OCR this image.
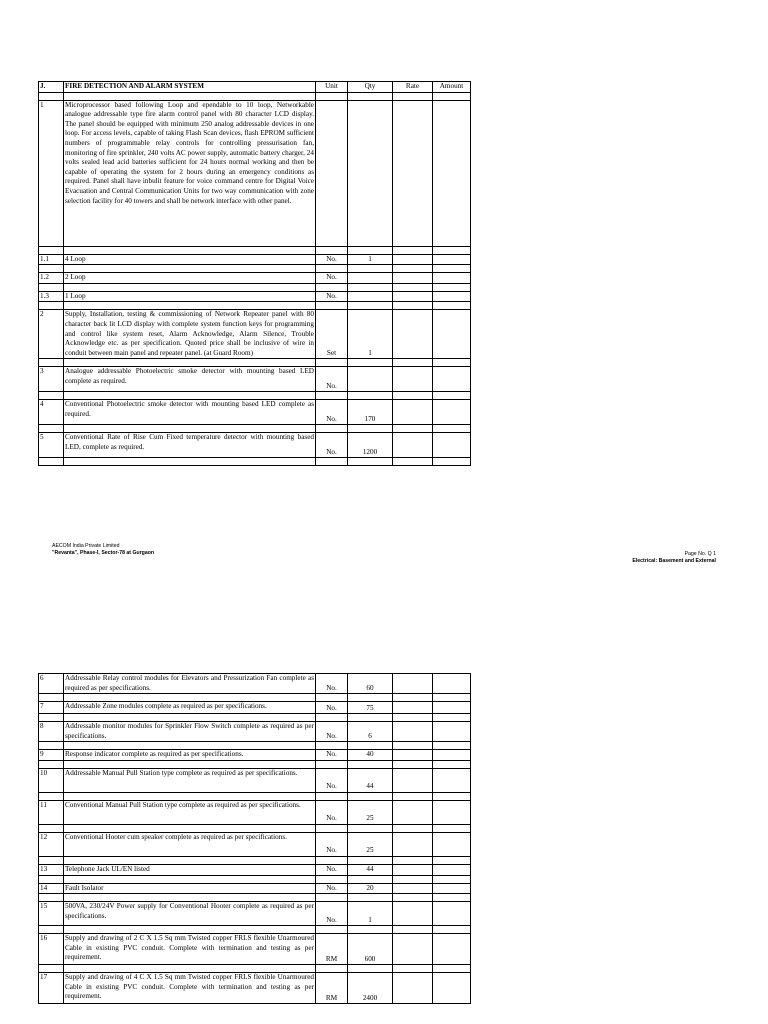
J.	FIRE DETECTION AND ALARM SYSTEM	Unit	Qty	Rate	Amount

1	Microprocessor based following Loop and ependable to 10 loop, Networkable analogue addressable type fire alarm control panel with 80 character LCD display. The panel should be equipped with minimum 250 analog addressable devices in one loop. For access levels, capable of taking Flash Scan devices, flash EPROM sufficient numbers of programmable relay controls for controlling pressurisation fan, monitoring of fire sprinkler, 240 volts AC power supply, automatic battery charger, 24 volts sealed lead acid batteries sufficient for 24 hours normal working and then be capable of operating the system for 2 hours during an emergency conditions as required. Panel shall have inbulit feature for voice command centre for Digital Voice Evacuation and Central Communication Units for two way communication with zone selection facility for 40 towers and shall be network interface with other panel.				

1.1	4 Loop	No.	1		

1.2	2 Loop	No.			

1.3	1 Loop	No.			

2	Supply, Installation, testing & commissioning of Network Repeater panel with 80 character back lit LCD display with complete system function keys for programming and control like system reset, Alarm Acknowledge, Alarm Silence, Trouble Acknowledge etc. as per specification. Quoted price shall be inclusive of wire in conduit between main panel and repeater panel. (at Guard Room)	Set	1		

3	Analogue addressable Photoelectric smoke detector with mounting based LED complete as required.	No.			

4	Conventional Photoelectric smoke detector with mounting based LED complete as required.	No.	170		

5	Conventional Rate of Rise Cum Fixed temperature detector with mounting based LED, complete as required.	No.	1200		

AECOM India Private Limited
"Revanta", Phase-I, Sector-78 at Gurgaon	Page No. Q 1
Electrical: Basement and External
6	Addressable Relay control modules for Elevators and Pressurization Fan complete as required as per specifications.	No.	60		

7	Addressable Zone modules complete as required as per specifications.	No.	75		

8	Addressable monitor modules for Sprinkler Flow Switch complete as required as per specifications.	No.	6		

9	Response indicator complete as required as per specifications.	No.	40		

10	Addressable Manual Pull Station type complete as required as per specifications.	No.	44		

11	Conventional Manual Pull Station type complete as required as per specifications.	No.	25		

12	Conventional Hooter cum speaker complete as required as per specifications.	No.	25		

13	Telephone Jack UL/EN listed	No.	44		

14	Fault Isolator	No.	20		

15	500VA, 230/24V Power supply for Conventional Hooter complete as required as per specifications.	No.	1		

16	Supply and drawing of 2 C X 1.5 Sq mm Twisted copper FRLS flexible Unarmoured Cable in existing PVC conduit. Complete with termination and testing as per requirement.	RM	600		

17	Supply and drawing of 4 C X 1.5 Sq mm Twisted copper FRLS flexible Unarmoured Cable in existing PVC conduit. Complete with termination and testing as per requirement.	RM	2400		
